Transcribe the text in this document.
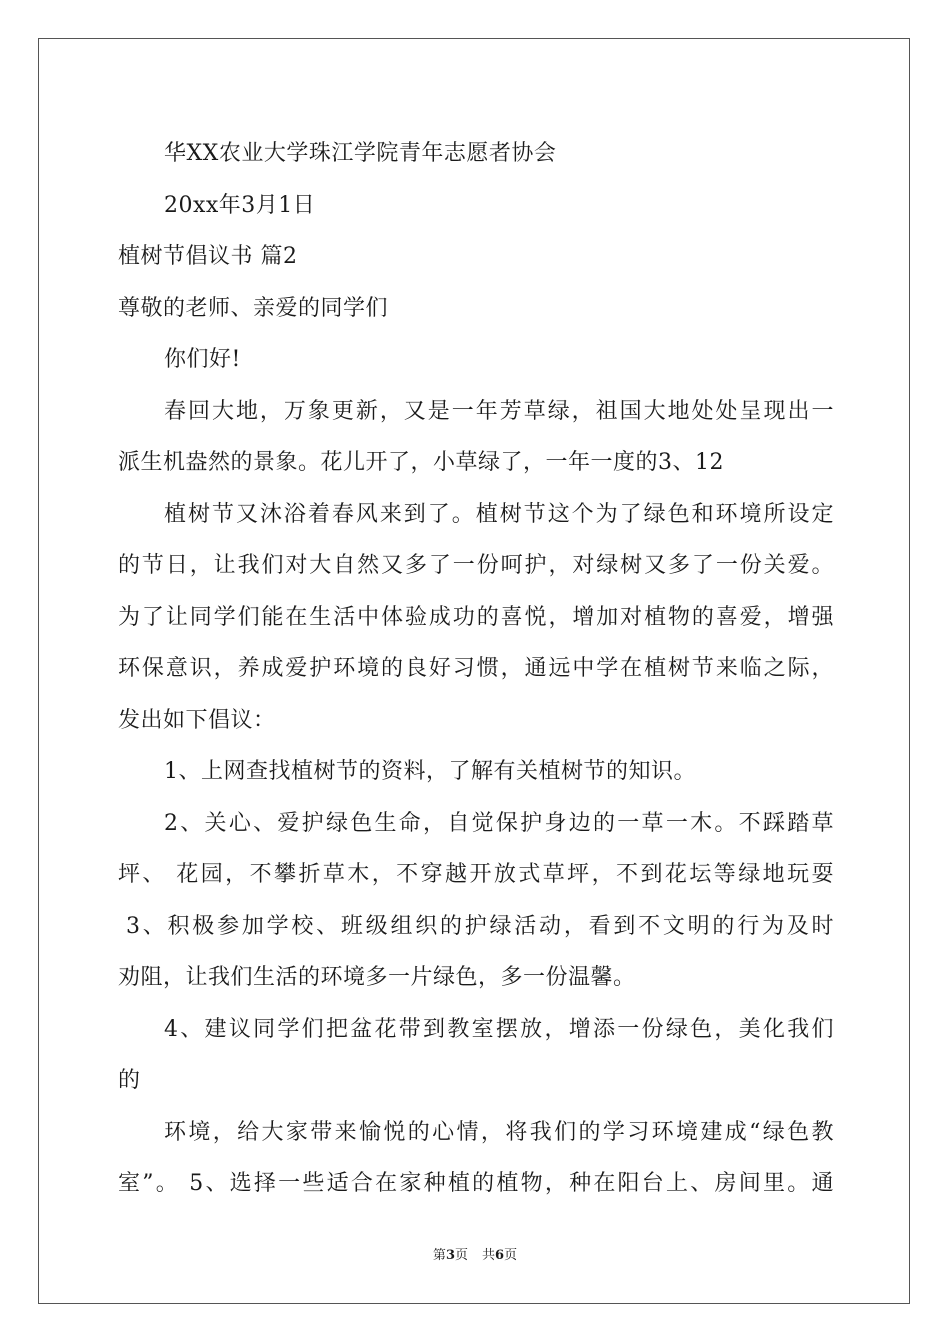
华XX农业大学珠江学院青年志愿者协会
20xx年3月1日
植树节倡议书 篇2
尊敬的老师、亲爱的同学们
你们好!
春回大地，万象更新，又是一年芳草绿，祖国大地处处呈现出一
派生机盎然的景象。花儿开了，小草绿了，一年一度的3、12
植树节又沐浴着春风来到了。植树节这个为了绿色和环境所设定
的节日，让我们对大自然又多了一份呵护，对绿树又多了一份关爱。
为了让同学们能在生活中体验成功的喜悦，增加对植物的喜爱，增强
环保意识，养成爱护环境的良好习惯，通远中学在植树节来临之际，
发出如下倡议：
1、上网查找植树节的资料，了解有关植树节的知识。
2、关心、爱护绿色生命，自觉保护身边的一草一木。不踩踏草
坪、 花园，不攀折草木，不穿越开放式草坪，不到花坛等绿地玩耍
3、积极参加学校、班级组织的护绿活动，看到不文明的行为及时
劝阻，让我们生活的环境多一片绿色，多一份温馨。
4、建议同学们把盆花带到教室摆放，增添一份绿色，美化我们
的
环境，给大家带来愉悦的心情，将我们的学习环境建成“绿色教
室”。 5、选择一些适合在家种植的植物，种在阳台上、房间里。通
第3页 共6页
